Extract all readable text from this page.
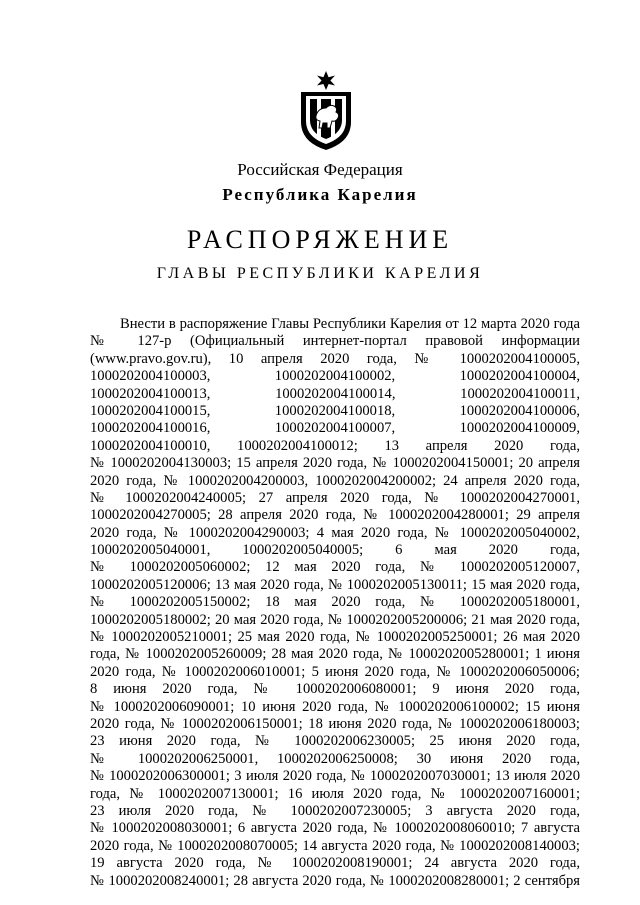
Российская Федерация
Республика Карелия
РАСПОРЯЖЕНИЕ
ГЛАВЫ РЕСПУБЛИКИ КАРЕЛИЯ
Внести в распоряжение Главы Республики Карелия от 12 марта 2020 года
№ 127-р (Официальный интернет-портал правовой информации
(www.pravo.gov.ru), 10 апреля 2020 года, № 1000202004100005,
1000202004100003, 1000202004100002, 1000202004100004,
1000202004100013, 1000202004100014, 1000202004100011,
1000202004100015, 1000202004100018, 1000202004100006,
1000202004100016, 1000202004100007, 1000202004100009,
1000202004100010, 1000202004100012; 13 апреля 2020 года,
№ 1000202004130003; 15 апреля 2020 года, № 1000202004150001; 20 апреля
2020 года, № 1000202004200003, 1000202004200002; 24 апреля 2020 года,
№ 1000202004240005; 27 апреля 2020 года, № 1000202004270001,
1000202004270005; 28 апреля 2020 года, № 1000202004280001; 29 апреля
2020 года, № 1000202004290003; 4 мая 2020 года, № 1000202005040002,
1000202005040001, 1000202005040005; 6 мая 2020 года,
№ 1000202005060002; 12 мая 2020 года, № 1000202005120007,
1000202005120006; 13 мая 2020 года, № 1000202005130011; 15 мая 2020 года,
№ 1000202005150002; 18 мая 2020 года, № 1000202005180001,
1000202005180002; 20 мая 2020 года, № 1000202005200006; 21 мая 2020 года,
№ 1000202005210001; 25 мая 2020 года, № 1000202005250001; 26 мая 2020
года, № 1000202005260009; 28 мая 2020 года, № 1000202005280001; 1 июня
2020 года, № 1000202006010001; 5 июня 2020 года, № 1000202006050006;
8 июня 2020 года, № 1000202006080001; 9 июня 2020 года,
№ 1000202006090001; 10 июня 2020 года, № 1000202006100002; 15 июня
2020 года, № 1000202006150001; 18 июня 2020 года, № 1000202006180003;
23 июня 2020 года, № 1000202006230005; 25 июня 2020 года,
№ 1000202006250001, 1000202006250008; 30 июня 2020 года,
№ 1000202006300001; 3 июля 2020 года, № 1000202007030001; 13 июля 2020
года, № 1000202007130001; 16 июля 2020 года, № 1000202007160001;
23 июля 2020 года, № 1000202007230005; 3 августа 2020 года,
№ 1000202008030001; 6 августа 2020 года, № 1000202008060010; 7 августа
2020 года, № 1000202008070005; 14 августа 2020 года, № 1000202008140003;
19 августа 2020 года, № 1000202008190001; 24 августа 2020 года,
№ 1000202008240001; 28 августа 2020 года, № 1000202008280001; 2 сентября
